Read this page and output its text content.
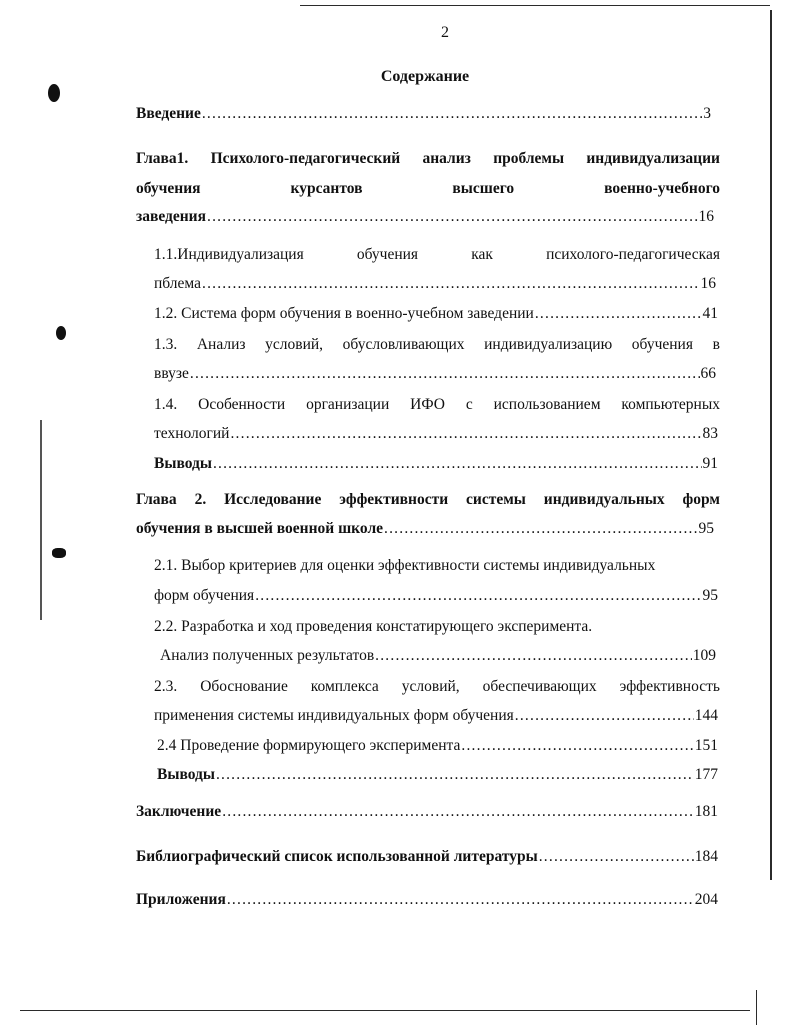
2
Содержание
Введение .....	3
Глава1. Психолого-педагогический анализ проблемы индивидуализации
обучения	курсантов	высшего	военно-учебного
заведения .....	16
1.1.Индивидуализация	обучения	как	психолого-педагогическая
пблема .....	16
1.2. Система форм обучения в военно-учебном заведении .....	41
1.3. Анализ условий, обусловливающих индивидуализацию обучения в
ввузе .....	66
1.4. Особенности организации ИФО с использованием компьютерных
технологий .....	83
Выводы .....	91
Глава 2. Исследование эффективности системы индивидуальных форм
обучения в высшей военной школе .....	95
2.1. Выбор критериев для оценки эффективности системы индивидуальных
форм обучения .....	95
2.2. Разработка и ход проведения констатирующего эксперимента.
Анализ полученных результатов .....	109
2.3. Обоснование комплекса условий, обеспечивающих эффективность
применения системы индивидуальных форм обучения .....	144
2.4 Проведение формирующего эксперимента .....	151
Выводы .....	177
Заключение .....	181
Библиографический список использованной литературы .....	184
Приложения .....	204
